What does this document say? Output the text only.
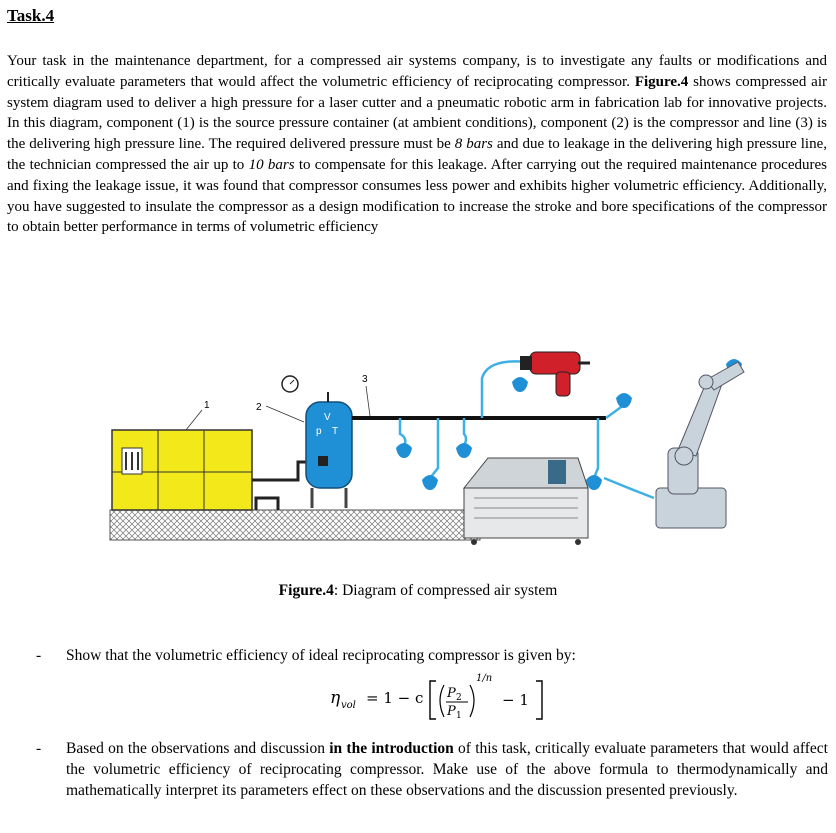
Task.4
Your task in the maintenance department, for a compressed air systems company, is to investigate any faults or modifications and critically evaluate parameters that would affect the volumetric efficiency of reciprocating compressor. Figure.4 shows compressed air system diagram used to deliver a high pressure for a laser cutter and a pneumatic robotic arm in fabrication lab for innovative projects. In this diagram, component (1) is the source pressure container (at ambient conditions), component (2) is the compressor and line (3) is the delivering high pressure line. The required delivered pressure must be 8 bars and due to leakage in the delivering high pressure line, the technician compressed the air up to 10 bars to compensate for this leakage. After carrying out the required maintenance procedures and fixing the leakage issue, it was found that compressor consumes less power and exhibits higher volumetric efficiency. Additionally, you have suggested to insulate the compressor as a design modification to increase the stroke and bore specifications of the compressor to obtain better performance in terms of volumetric efficiency
1
V
p T
2
3
Figure.4: Diagram of compressed air system
- Show that the volumetric efficiency of ideal reciprocating compressor is given by:
η vol = 1 − c P 2
P 1
1/n
− 1
- Based on the observations and discussion in the introduction of this task, critically evaluate parameters that would affect the volumetric efficiency of reciprocating compressor. Make use of the above formula to thermodynamically and mathematically interpret its parameters effect on these observations and the discussion presented previously.
